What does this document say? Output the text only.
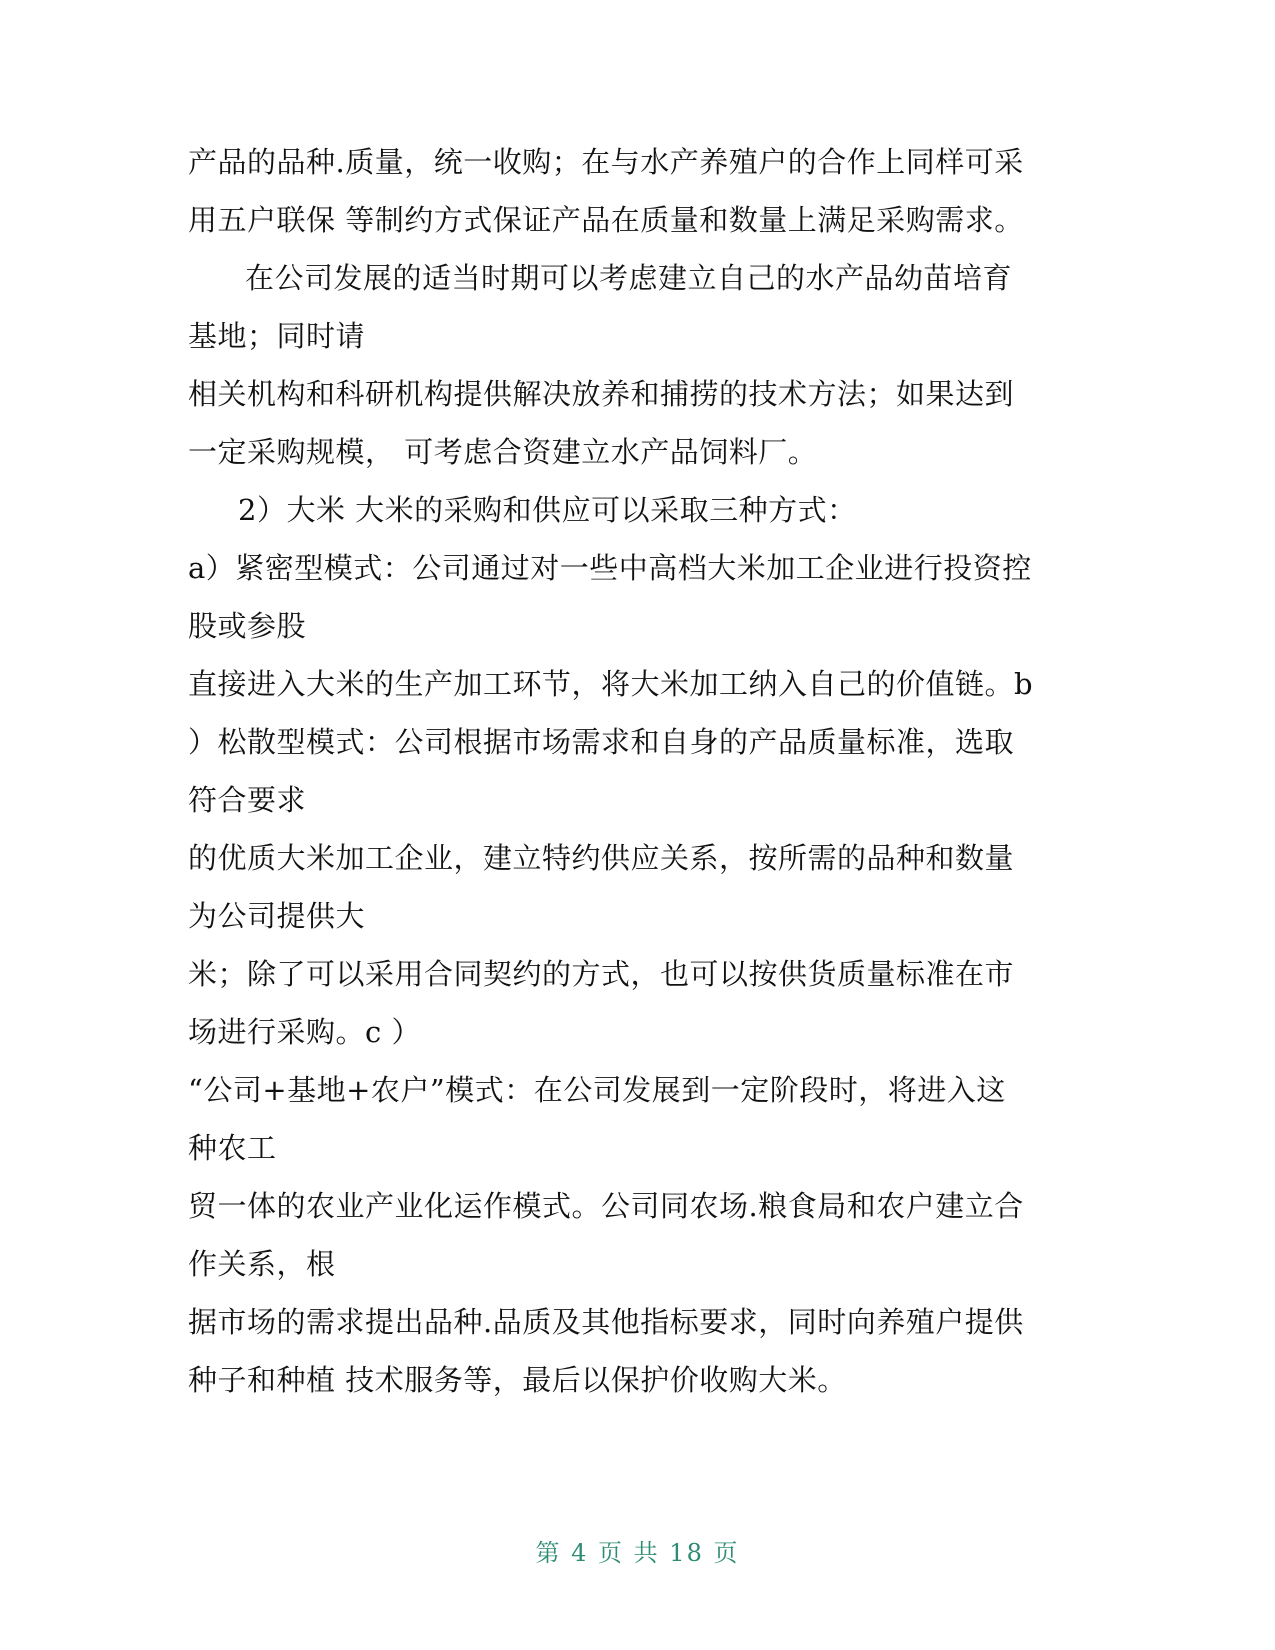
产品的品种.质量，统一收购；在与水产养殖户的合作上同样可采
用五户联保 等制约方式保证产品在质量和数量上满足采购需求。
在公司发展的适当时期可以考虑建立自己的水产品幼苗培育
基地；同时请
相关机构和科研机构提供解决放养和捕捞的技术方法；如果达到
一定采购规模， 可考虑合资建立水产品饲料厂。
2）大米 大米的采购和供应可以采取三种方式：
a）紧密型模式：公司通过对一些中高档大米加工企业进行投资控
股或参股
直接进入大米的生产加工环节，将大米加工纳入自己的价值链。b
）松散型模式：公司根据市场需求和自身的产品质量标准，选取
符合要求
的优质大米加工企业，建立特约供应关系，按所需的品种和数量
为公司提供大
米；除了可以采用合同契约的方式，也可以按供货质量标准在市
场进行采购。c ）
“公司+基地+农户”模式：在公司发展到一定阶段时，将进入这
种农工
贸一体的农业产业化运作模式。公司同农场.粮食局和农户建立合
作关系，根
据市场的需求提出品种.品质及其他指标要求，同时向养殖户提供
种子和种植 技术服务等，最后以保护价收购大米。
第 4 页 共 18 页
